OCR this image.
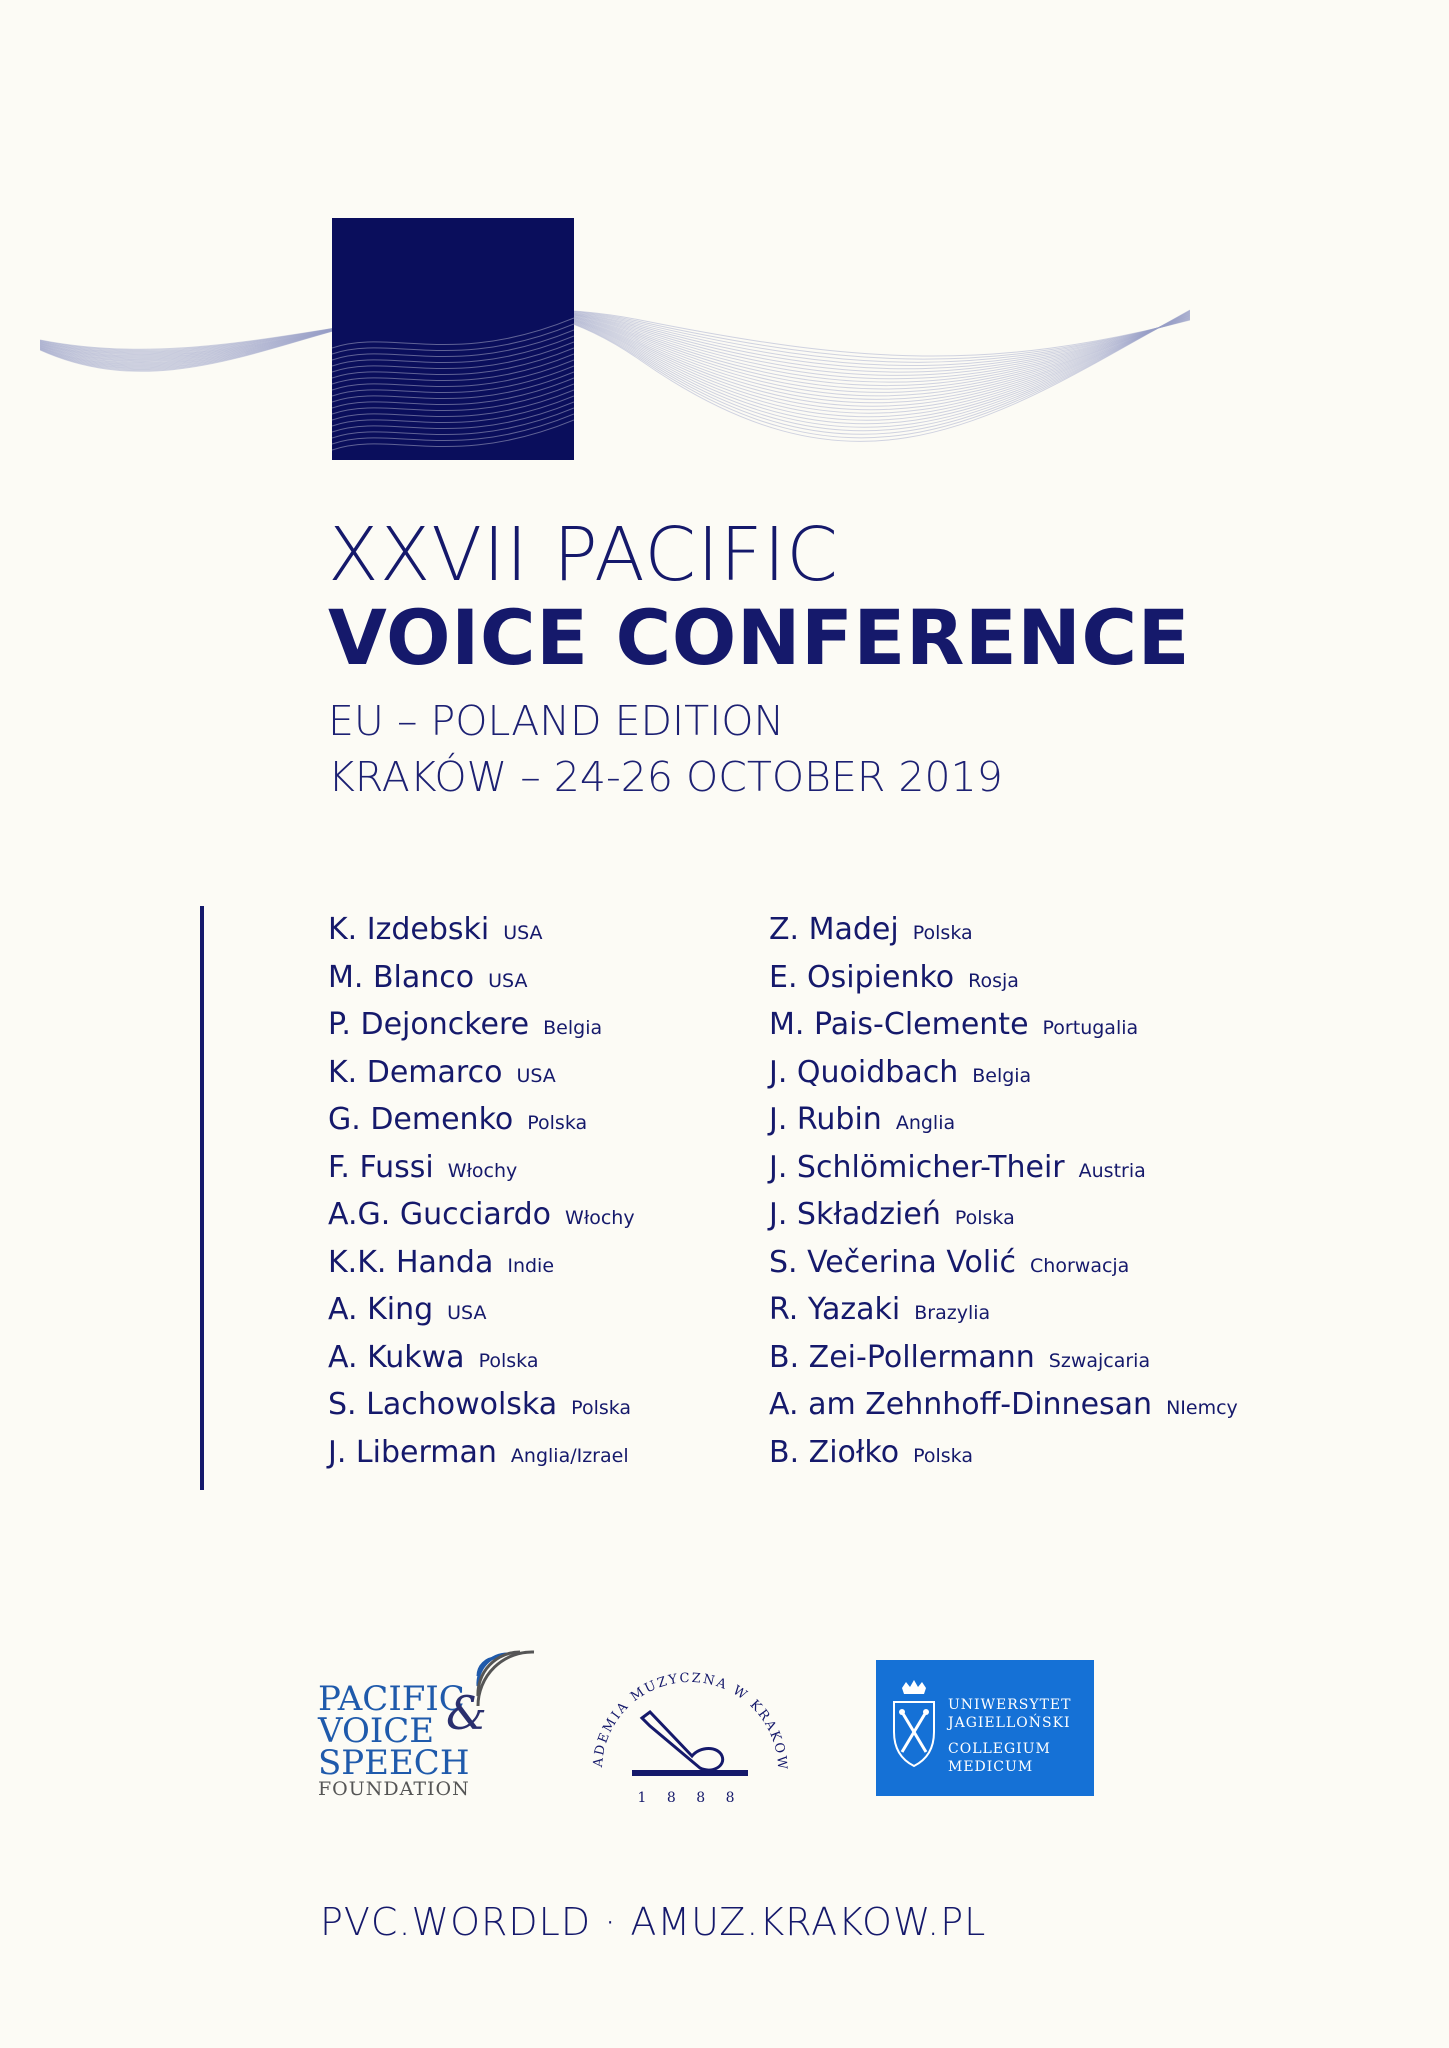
XXVII PACIFIC
VOICE CONFERENCE
EU – POLAND EDITION
KRAKÓW – 24-26 OCTOBER 2019
K. Izdebski USA
M. Blanco USA
P. Dejonckere Belgia
K. Demarco USA
G. Demenko Polska
F. Fussi Włochy
A.G. Gucciardo Włochy
K.K. Handa Indie
A. King USA
A. Kukwa Polska
S. Lachowolska Polska
J. Liberman Anglia/Izrael
Z. Madej Polska
E. Osipienko Rosja
M. Pais-Clemente Portugalia
J. Quoidbach Belgia
J. Rubin Anglia
J. Schlömicher-Their Austria
J. Składzień Polska
S. Večerina Volić Chorwacja
R. Yazaki Brazylia
B. Zei-Pollermann Szwajcaria
A. am Zehnhoff-Dinnesan NIemcy
B. Ziołko Polska
PACIFIC
VOICE &
SPEECH
FOUNDATION
ADEMIA MUZYCZNA W KRAKOW
1 8 8 8
UNIWERSYTET
JAGIELLOŃSKI
COLLEGIUM
MEDICUM
PVC.WORDLD · AMUZ.KRAKOW.PL
